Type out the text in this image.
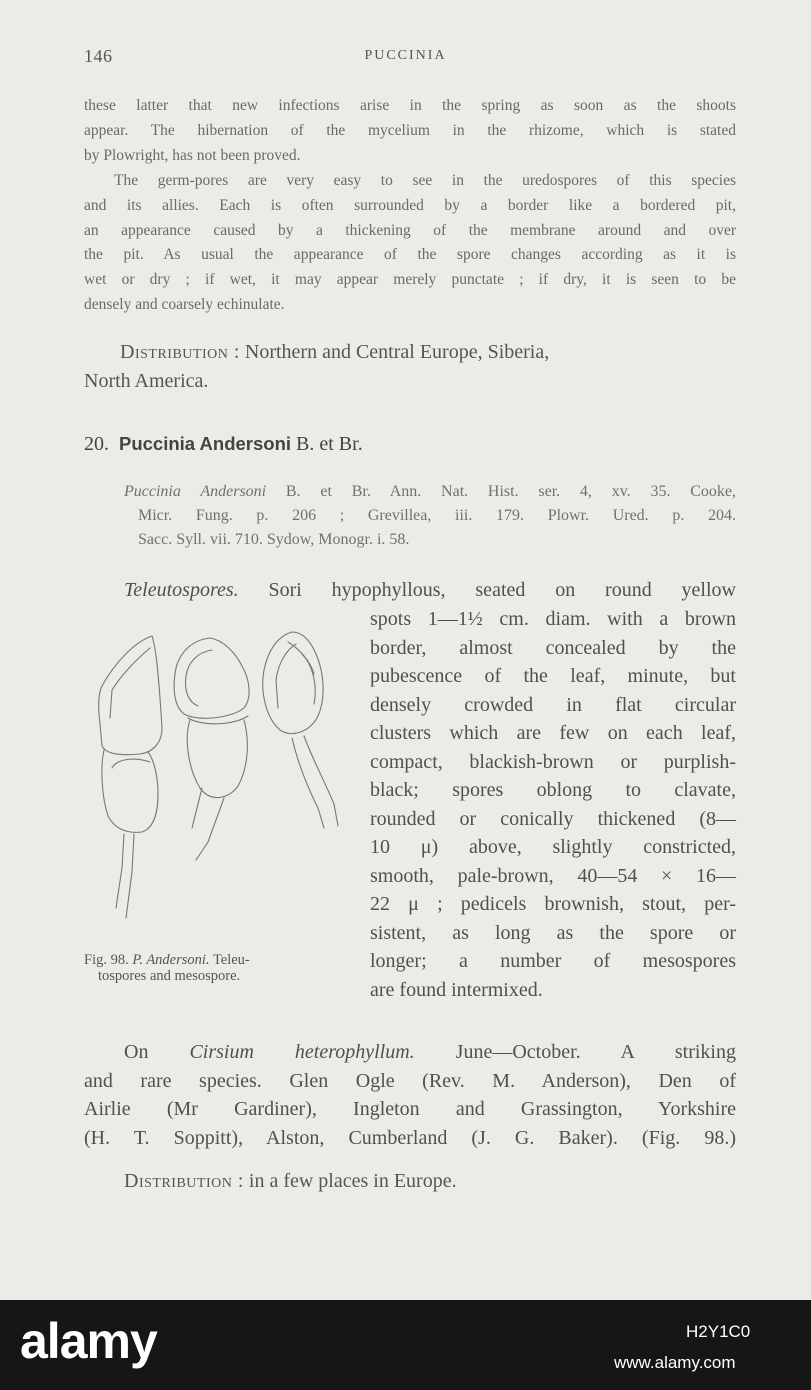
146	PUCCINIA
these latter that new infections arise in the spring as soon as the shoots
appear. The hibernation of the mycelium in the rhizome, which is stated
by Plowright, has not been proved.
The germ-pores are very easy to see in the uredospores of this species
and its allies. Each is often surrounded by a border like a bordered pit,
an appearance caused by a thickening of the membrane around and over
the pit. As usual the appearance of the spore changes according as it is
wet or dry ; if wet, it may appear merely punctate ; if dry, it is seen to be
densely and coarsely echinulate.
Distribution : Northern and Central Europe, Siberia,
North America.
20. Puccinia Andersoni B. et Br.
Puccinia Andersoni B. et Br. Ann. Nat. Hist. ser. 4, xv. 35. Cooke,
Micr. Fung. p. 206 ; Grevillea, iii. 179. Plowr. Ured. p. 204.
Sacc. Syll. vii. 710. Sydow, Monogr. i. 58.
Teleutospores. Sori hypophyllous, seated on round yellow
spots 1—1½ cm. diam. with a brown
border, almost concealed by the
pubescence of the leaf, minute, but
densely crowded in flat circular
clusters which are few on each leaf,
compact, blackish-brown or purplish-
black; spores oblong to clavate,
rounded or conically thickened (8—
10 μ) above, slightly constricted,
smooth, pale-brown, 40—54 × 16—
22 μ ; pedicels brownish, stout, per-
sistent, as long as the spore or
longer; a number of mesospores
are found intermixed.
Fig. 98. P. Andersoni. Teleu-
tospores and mesospore.
On Cirsium heterophyllum. June—October. A striking
and rare species. Glen Ogle (Rev. M. Anderson), Den of
Airlie (Mr Gardiner), Ingleton and Grassington, Yorkshire
(H. T. Soppitt), Alston, Cumberland (J. G. Baker). (Fig. 98.)
Distribution : in a few places in Europe.
alamy	H2Y1C0
www.alamy.com
